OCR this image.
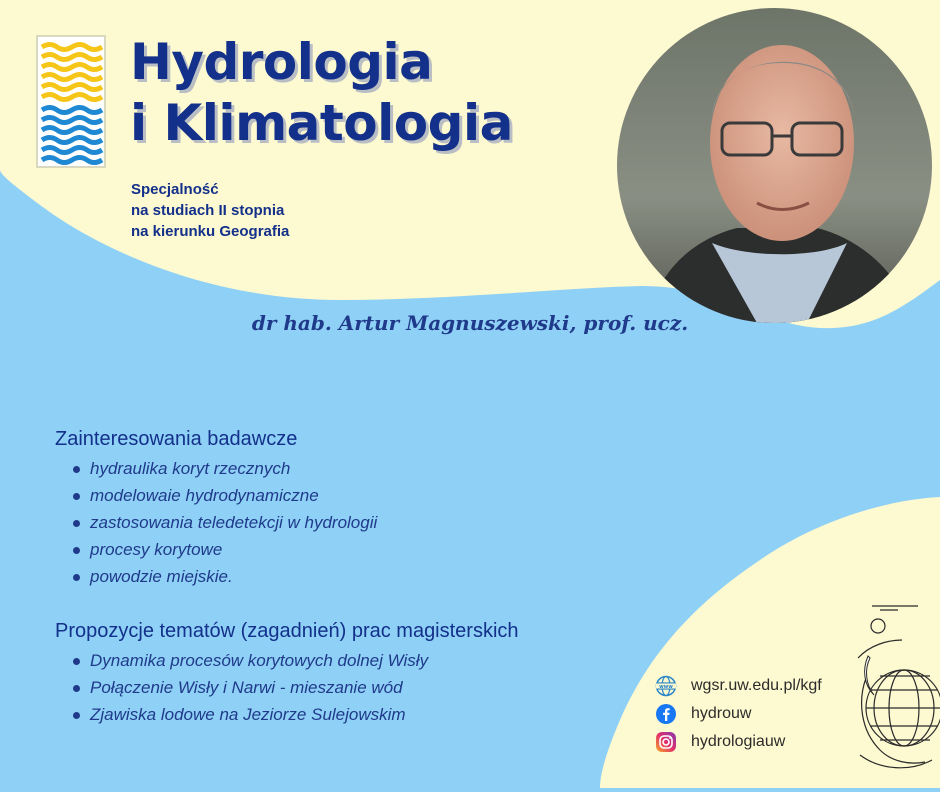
Hydrologia
i Klimatologia
Specjalność
na studiach II stopnia
na kierunku Geografia
dr hab. Artur Magnuszewski, prof. ucz.
Zainteresowania badawcze
hydraulika koryt rzecznych
modelowaie hydrodynamiczne
zastosowania teledetekcji w hydrologii
procesy korytowe
powodzie miejskie.
Propozycje tematów (zagadnień) prac magisterskich
Dynamika procesów korytowych dolnej Wisły
Połączenie Wisły i Narwi - mieszanie wód
Zjawiska lodowe na Jeziorze Sulejowskim
www wgsr.uw.edu.pl/kgf
hydrouw
hydrologiauw
